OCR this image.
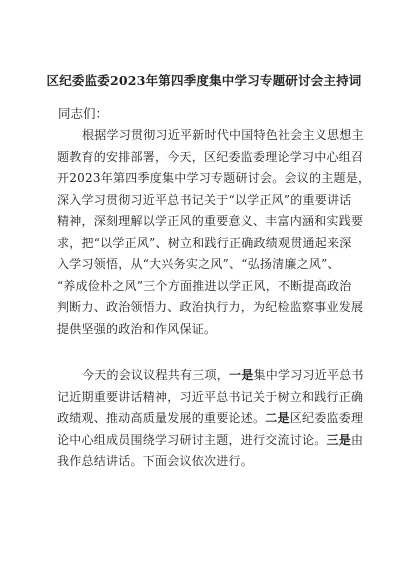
区纪委监委2023年第四季度集中学习专题研讨会主持词
同志们：
根据学习贯彻习近平新时代中国特色社会主义思想主
题教育的安排部署，今天，区纪委监委理论学习中心组召
开2023年第四季度集中学习专题研讨会。会议的主题是，
深入学习贯彻习近平总书记关于“以学正风”的重要讲话
精神，深刻理解以学正风的重要意义、丰富内涵和实践要
求，把“以学正风”、树立和践行正确政绩观贯通起来深
入学习领悟，从“大兴务实之风”、“弘扬清廉之风”、
“养成俭朴之风”三个方面推进以学正风，不断提高政治
判断力、政治领悟力、政治执行力，为纪检监察事业发展
提供坚强的政治和作风保证。
今天的会议议程共有三项，一是集中学习习近平总书
记近期重要讲话精神，习近平总书记关于树立和践行正确
政绩观、推动高质量发展的重要论述。二是区纪委监委理
论中心组成员围绕学习研讨主题，进行交流讨论。三是由
我作总结讲话。下面会议依次进行。
